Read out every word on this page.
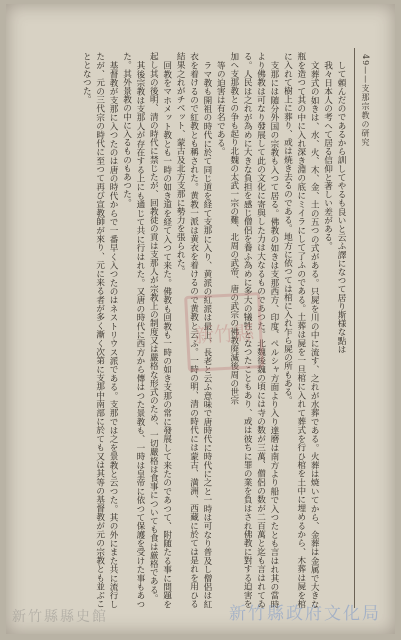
49——支那宗教の研究

して頼んだのであるから訓してやるも良いと云ふ譯になつて居り斯様な點は

我々日本人の考へて居る信仰と著しい差がある。

文葬式の如きは、水、火、木、金、土の五つの式がある。只屍を川の中に流す、之れが水葬である。火葬は焼いてから、金葬は金属で大きな瓶を造つて其の中に入れ深き淵の底にミイラにして了ふのである。土葬は屍を一旦棺に入れて葬式を行ひ棺を土中に埋めるから、木葬は屍を棺に入れて樹上に葬り、或は焼き去るのである。地方に依つては棺に入れ乍ら屍の所もある。

支那には随分外国の宗教も入つて居る。佛教の如きは支那西方、印度、ペルシャ方面より入り達磨は南方より船で入つたとも言はれ其の當時より佛教は可なり發展して此の文化に寄與した力は大なるものであつた。北魏後魏の頃には寺の数が三萬、僧侶の数が二百萬と迄も言はれてゐる。人民は之れが為めに大きな負担を感じ僧侶を養ふ為めに多大の犠牲となつたこともあり、或は彼ちに罪の業を負はされ佛教に對する迫害を加へ支那教との争も起り北魏の太武一宗の難、北周の武帝、唐の武宗の佛教廃滅後周の世宗

等の迫害は有名である。

ラマ教も開祖の時代に於て同じ道を経て支那に入り、黄派の紅派は最上、長老と云ふ意味で唐時代に時代に之と一時は可なり普及し僧侶は紅衣を着けるので紅教とも稱された。黄教一派は黄衣を着けるので黄教と云ふ。一時の明、清の時代には蒙古、満洲、西藏に於ては是れを用ひる結果之れがチベット、蒙古及北方支那に勢力を張られた。

回教をマホメット教とも一時の如き道を経て入つて来た。佛教も回教も一時の如き支那の常に發展して来たのであつて、附随たる事に間題を起し其の後明、清の時代に禁じたが、回教徒の貢は支那人が宗教上の制度又は嚴格な形式のため、一切嚴格は食事についても食は厳格である。

其後宗教は支那人が存在する上にも通じて共に行はれた。又唐の時代に西方から傳はつた景教も、一時は皇帝に依つて保護を受けた事もあつた。其外景教の中に入るものもあつた。

基督教が支那に入つたのは唐の時代からで一番早く入つたのはネストリウス派である。支那では之を景教と云つた。其の外にまた共に流行したが、元の三代宗の時代に至つて再び宣教師が來り、元に来る者が多く漸く次第に支那中南部に於ても又は其等の基督教が元の宗教とも並ぶこととなつた。

新竹縣
新竹縣政府文化局
新竹縣縣史館
